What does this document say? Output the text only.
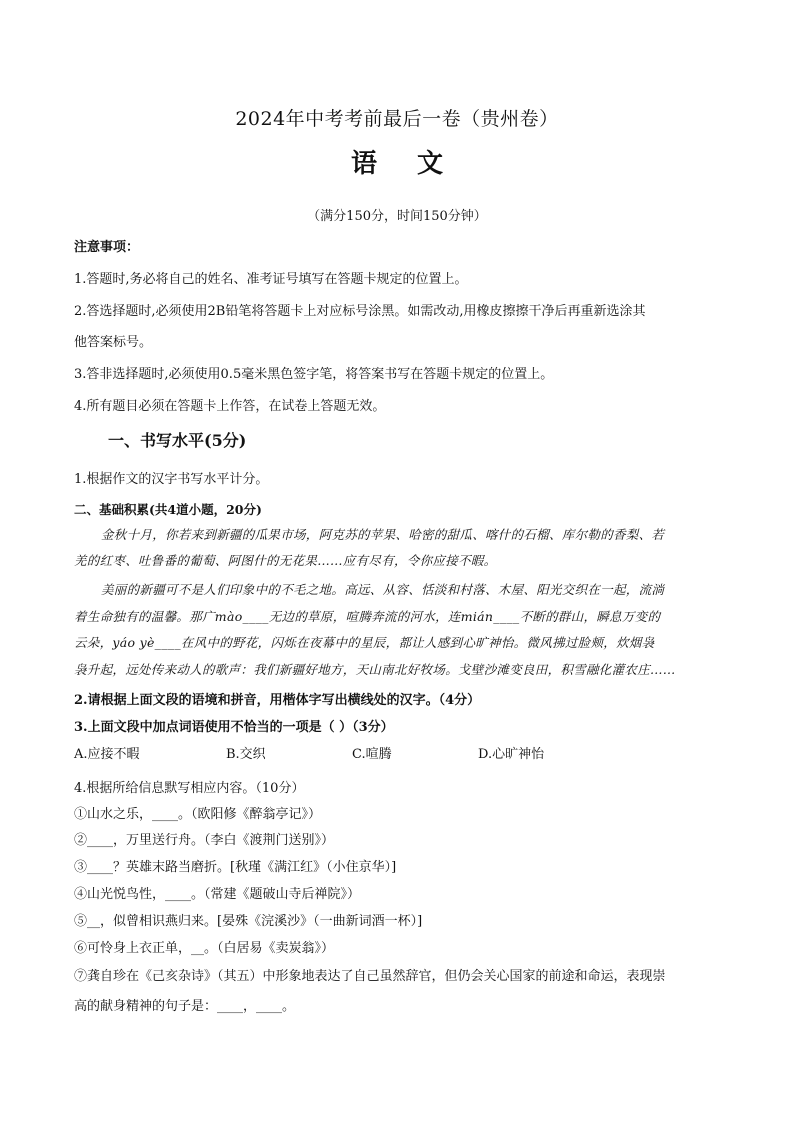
2024年中考考前最后一卷（贵州卷）
语文
（满分150分，时间150分钟）
注意事项：
1.答题时,务必将自己的姓名、准考证号填写在答题卡规定的位置上。
2.答选择题时,必须使用2B铅笔将答题卡上对应标号涂黑。如需改动,用橡皮擦擦干净后再重新选涂其
他答案标号。
3.答非选择题时,必须使用0.5毫米黑色签字笔，将答案书写在答题卡规定的位置上。
4.所有题目必须在答题卡上作答，在试卷上答题无效。
一、书写水平(5分)
1.根据作文的汉字书写水平计分。
二、基础积累(共4道小题，20分)
金秋十月，你若来到新疆的瓜果市场，阿克苏的苹果、哈密的甜瓜、喀什的石榴、库尔勒的香梨、若
羌的红枣、吐鲁番的葡萄、阿图什的无花果……应有尽有，令你应接不暇。
美丽的新疆可不是人们印象中的不毛之地。高远、从容、恬淡和村落、木屋、阳光交织在一起，流淌
着生命独有的温馨。那广mào____无边的草原，喧腾奔流的河水，连mián____不断的群山，瞬息万变的
云朵，yáo yè____在风中的野花，闪烁在夜幕中的星辰，都让人感到心旷神怡。微风拂过脸颊，炊烟袅
袅升起，远处传来动人的歌声：我们新疆好地方，天山南北好牧场。戈壁沙滩变良田，积雪融化灌农庄……
2.请根据上面文段的语境和拼音，用楷体字写出横线处的汉字。（4分）
3.上面文段中加点词语使用不恰当的一项是（ ）（3分）
A.应接不暇	B.交织	C.喧腾	D.心旷神怡
4.根据所给信息默写相应内容。（10分）
①山水之乐，____。（欧阳修《醉翁亭记》）
②____，万里送行舟。（李白《渡荆门送别》）
③____？英雄末路当磨折。[秋瑾《满江红》（小住京华）]
④山光悦鸟性，____。（常建《题破山寺后禅院》）
⑤__，似曾相识燕归来。[晏殊《浣溪沙》（一曲新词酒一杯）]
⑥可怜身上衣正单，__。（白居易《卖炭翁》）
⑦龚自珍在《己亥杂诗》（其五）中形象地表达了自己虽然辞官，但仍会关心国家的前途和命运，表现崇
高的献身精神的句子是：____，____。
